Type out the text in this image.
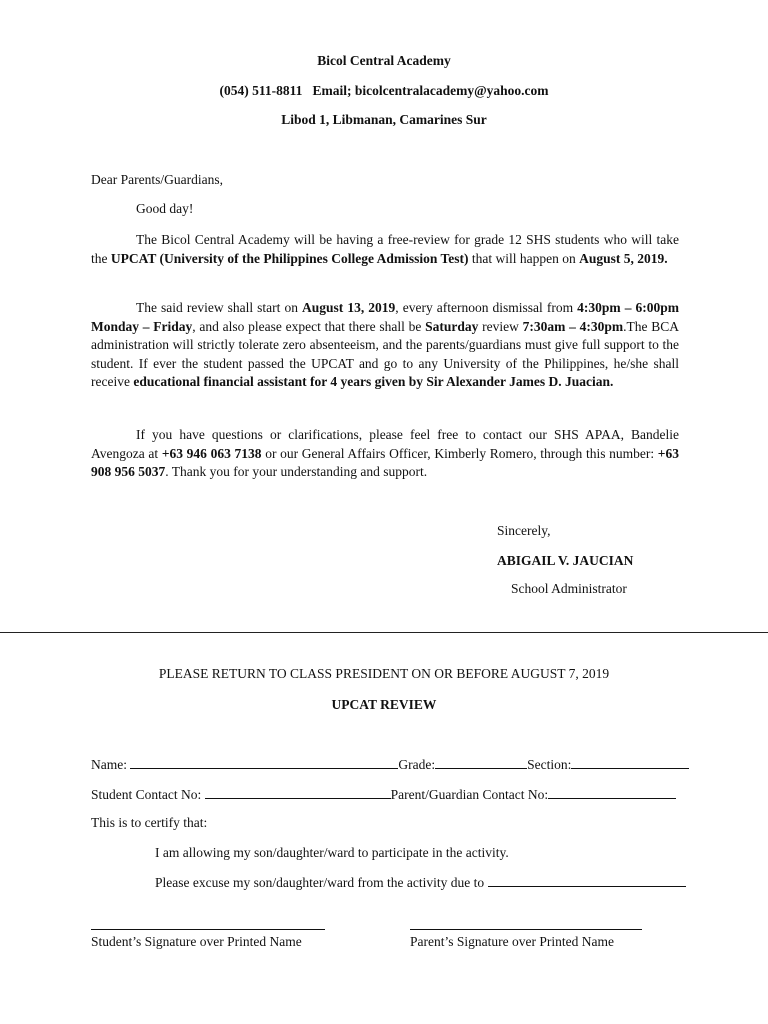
Bicol Central Academy
(054) 511-8811   Email; bicolcentralacademy@yahoo.com
Libod 1, Libmanan, Camarines Sur
Dear Parents/Guardians,
Good day!
The Bicol Central Academy will be having a free-review for grade 12 SHS students who will take the UPCAT (University of the Philippines College Admission Test) that will happen on August 5, 2019.
The said review shall start on August 13, 2019, every afternoon dismissal from 4:30pm – 6:00pm Monday – Friday, and also please expect that there shall be Saturday review 7:30am – 4:30pm.The BCA administration will strictly tolerate zero absenteeism, and the parents/guardians must give full support to the student. If ever the student passed the UPCAT and go to any University of the Philippines, he/she shall receive educational financial assistant for 4 years given by Sir Alexander James D. Juacian.
If you have questions or clarifications, please feel free to contact our SHS APAA, Bandelie Avengoza at +63 946 063 7138 or our General Affairs Officer, Kimberly Romero, through this number: +63 908 956 5037. Thank you for your understanding and support.
Sincerely,
ABIGAIL V. JAUCIAN
School Administrator
PLEASE RETURN TO CLASS PRESIDENT ON OR BEFORE AUGUST 7, 2019
UPCAT REVIEW
Name:	Grade:	Section:
Student Contact No:	Parent/Guardian Contact No:
This is to certify that:
I am allowing my son/daughter/ward to participate in the activity.
Please excuse my son/daughter/ward from the activity due to
Student’s Signature over Printed Name	Parent’s Signature over Printed Name
